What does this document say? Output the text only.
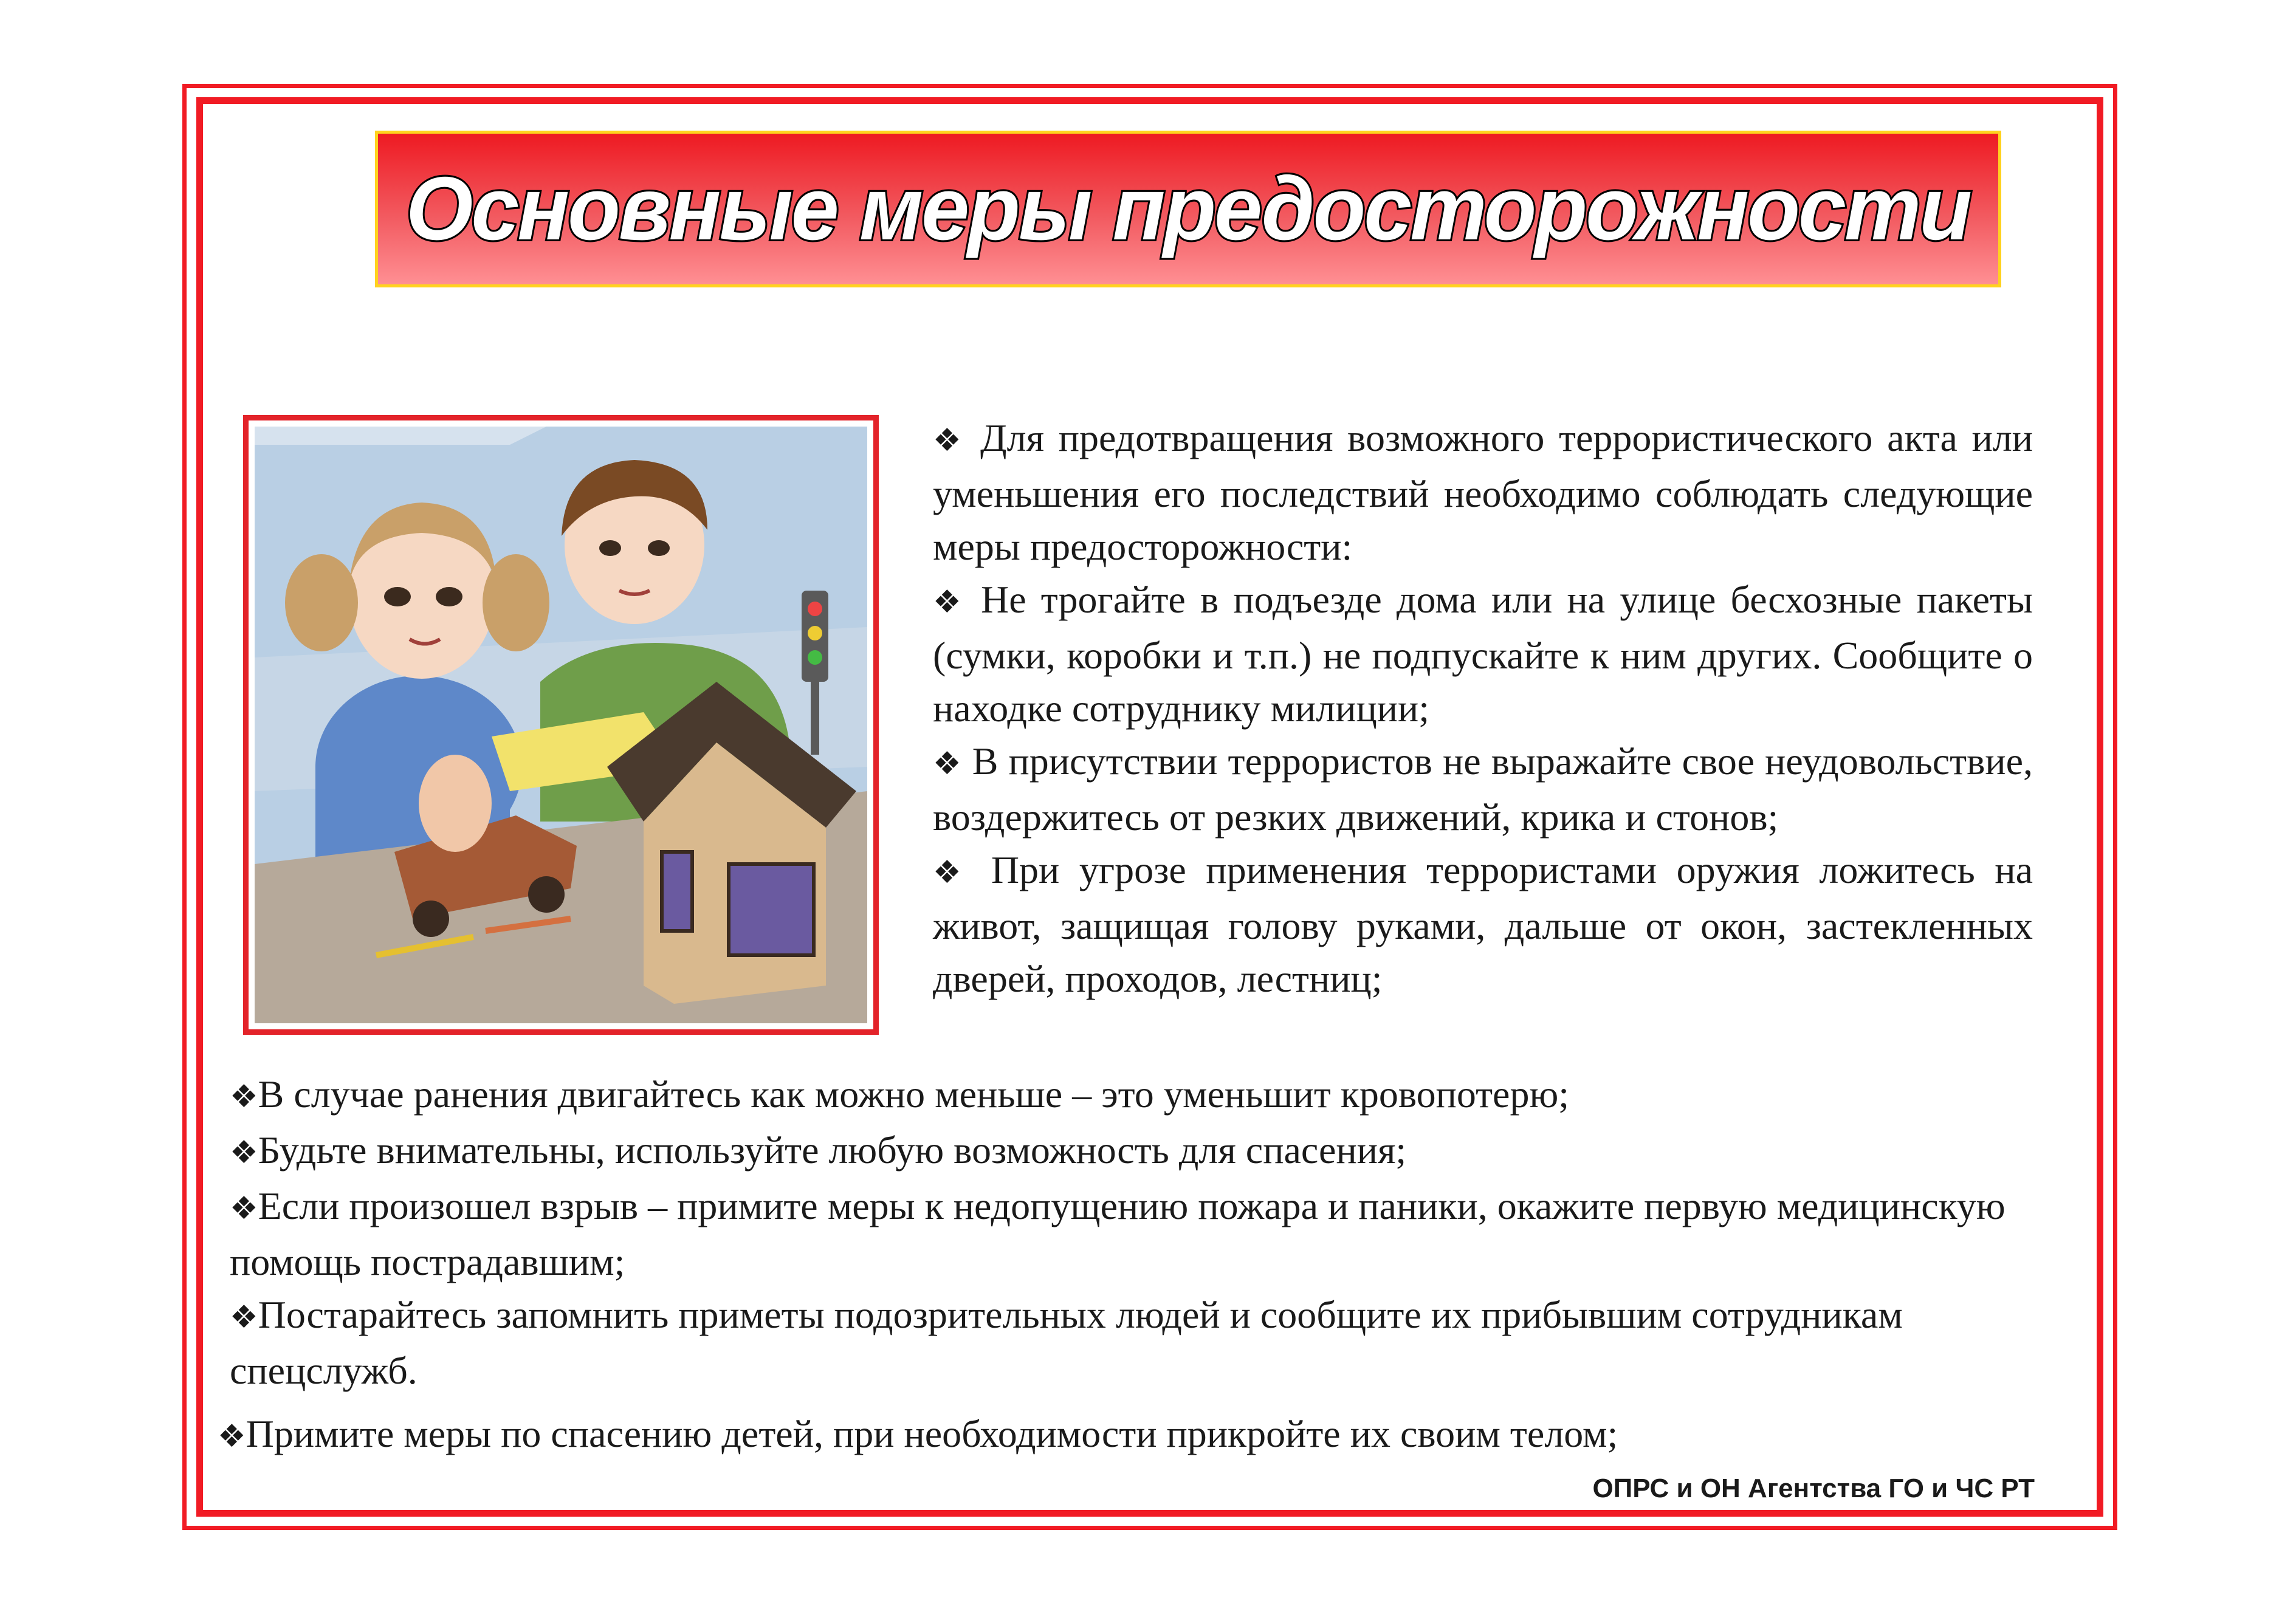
Основные меры предосторожности

❖ Для предотвращения возможного террористического акта или уменьшения его последствий необходимо соблюдать следующие меры предосторожности:

❖ Не трогайте в подъезде дома или на улице бесхозные пакеты (сумки, коробки и т.п.) не подпускайте к ним других. Сообщите о находке сотруднику милиции;

❖ В присутствии террористов не выражайте свое неудовольствие, воздержитесь от резких движений, крика и стонов;

❖ При угрозе применения террористами оружия ложитесь на живот, защищая голову руками, дальше от окон, застекленных дверей, проходов, лестниц;

❖В случае ранения двигайтесь как можно меньше – это уменьшит кровопотерю;

❖Будьте внимательны, используйте любую возможность для спасения;

❖Если произошел взрыв – примите меры к недопущению пожара и паники, окажите первую медицинскую помощь пострадавшим;

❖Постарайтесь запомнить приметы подозрительных людей и сообщите их прибывшим сотрудникам спецслужб.

❖Примите меры по спасению детей, при необходимости прикройте их своим телом;

ОПРС и ОН Агентства ГО и ЧС РТ
